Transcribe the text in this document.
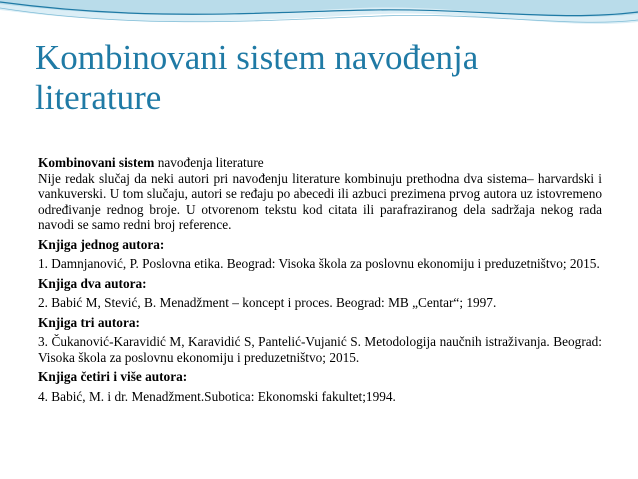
Kombinovani sistem navođenja literature

Kombinovani sistem navođenja literature

Nije redak slučaj da neki autori pri navođenju literature kombinuju prethodna dva sistema– harvardski i vankuverski. U tom slučaju, autori se ređaju po abecedi ili azbuci prezimena prvog autora uz istovremeno određivanje rednog broje. U otvorenom tekstu kod citata ili parafraziranog dela sadržaja nekog rada navodi se samo redni broj reference.

Knjiga jednog autora:

1. Damnjanović, P. Poslovna etika. Beograd: Visoka škola za poslovnu ekonomiju i preduzetništvo; 2015.

Knjiga dva autora:

2. Babić M, Stević, B. Menadžment – koncept i proces. Beograd: MB „Centar“; 1997.

Knjiga tri autora:

3. Čukanović-Karavidić M, Karavidić S, Pantelić-Vujanić S. Metodologija naučnih istraživanja. Beograd: Visoka škola za poslovnu ekonomiju i preduzetništvo; 2015.

Knjiga četiri i više autora:

4. Babić, M. i dr. Menadžment.Subotica: Ekonomski fakultet;1994.
